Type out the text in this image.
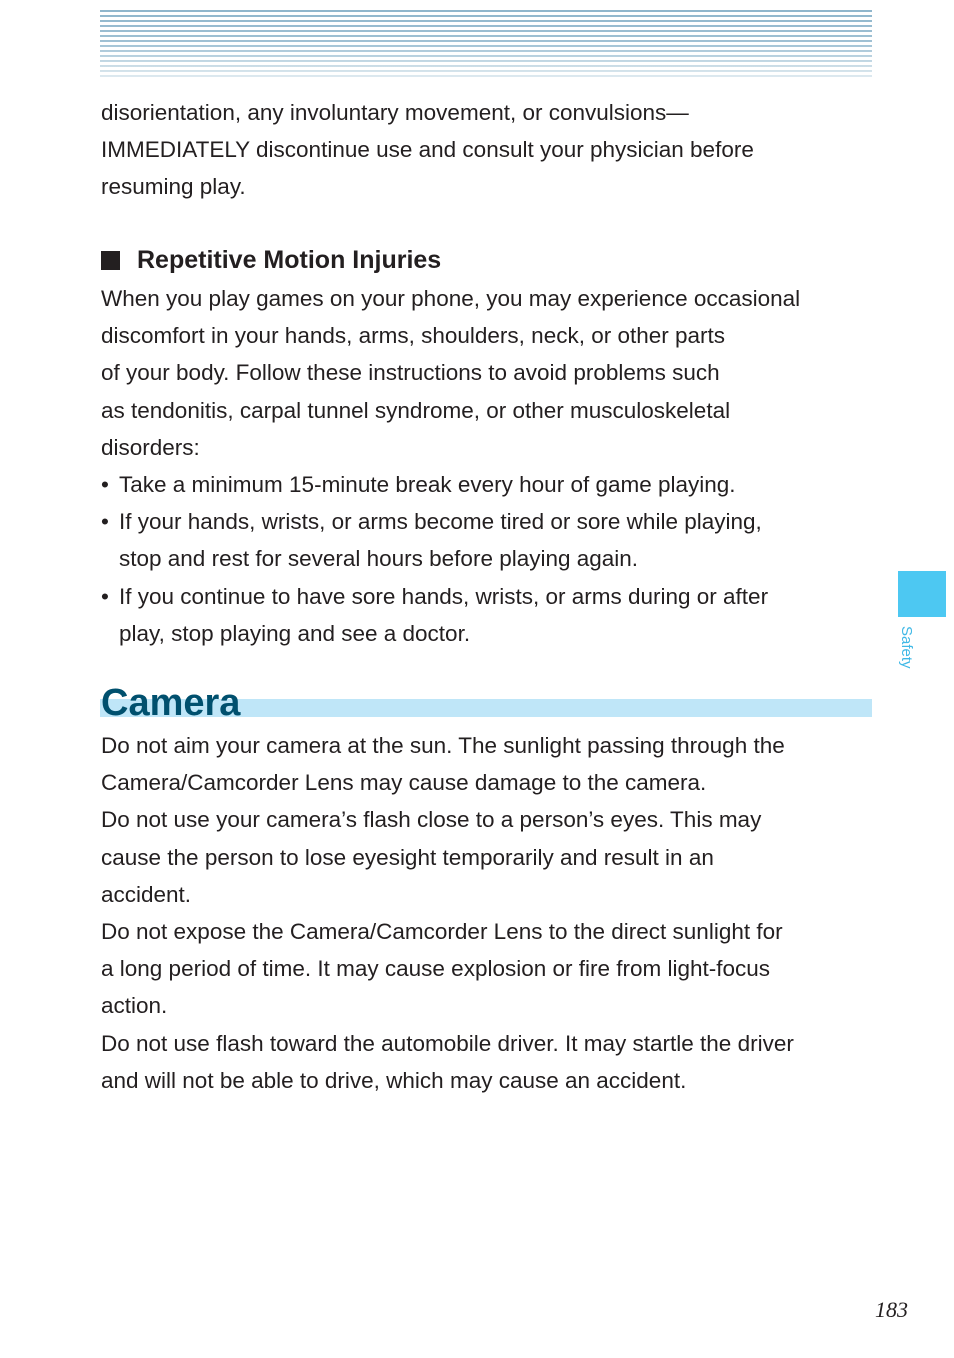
disorientation, any involuntary movement, or convulsions—
IMMEDIATELY discontinue use and consult your physician before
resuming play.

Repetitive Motion Injuries

When you play games on your phone, you may experience occasional
discomfort in your hands, arms, shoulders, neck, or other parts
of your body. Follow these instructions to avoid problems such
as tendonitis, carpal tunnel syndrome, or other musculoskeletal
disorders:

• Take a minimum 15-minute break every hour of game playing.
• If your hands, wrists, or arms become tired or sore while playing,
stop and rest for several hours before playing again.
• If you continue to have sore hands, wrists, or arms during or after
play, stop playing and see a doctor.
Camera
Do not aim your camera at the sun. The sunlight passing through the
Camera/Camcorder Lens may cause damage to the camera.
Do not use your camera’s flash close to a person’s eyes. This may
cause the person to lose eyesight temporarily and result in an
accident.
Do not expose the Camera/Camcorder Lens to the direct sunlight for
a long period of time. It may cause explosion or fire from light-focus
action.
Do not use flash toward the automobile driver. It may startle the driver
and will not be able to drive, which may cause an accident.
Safety
183
